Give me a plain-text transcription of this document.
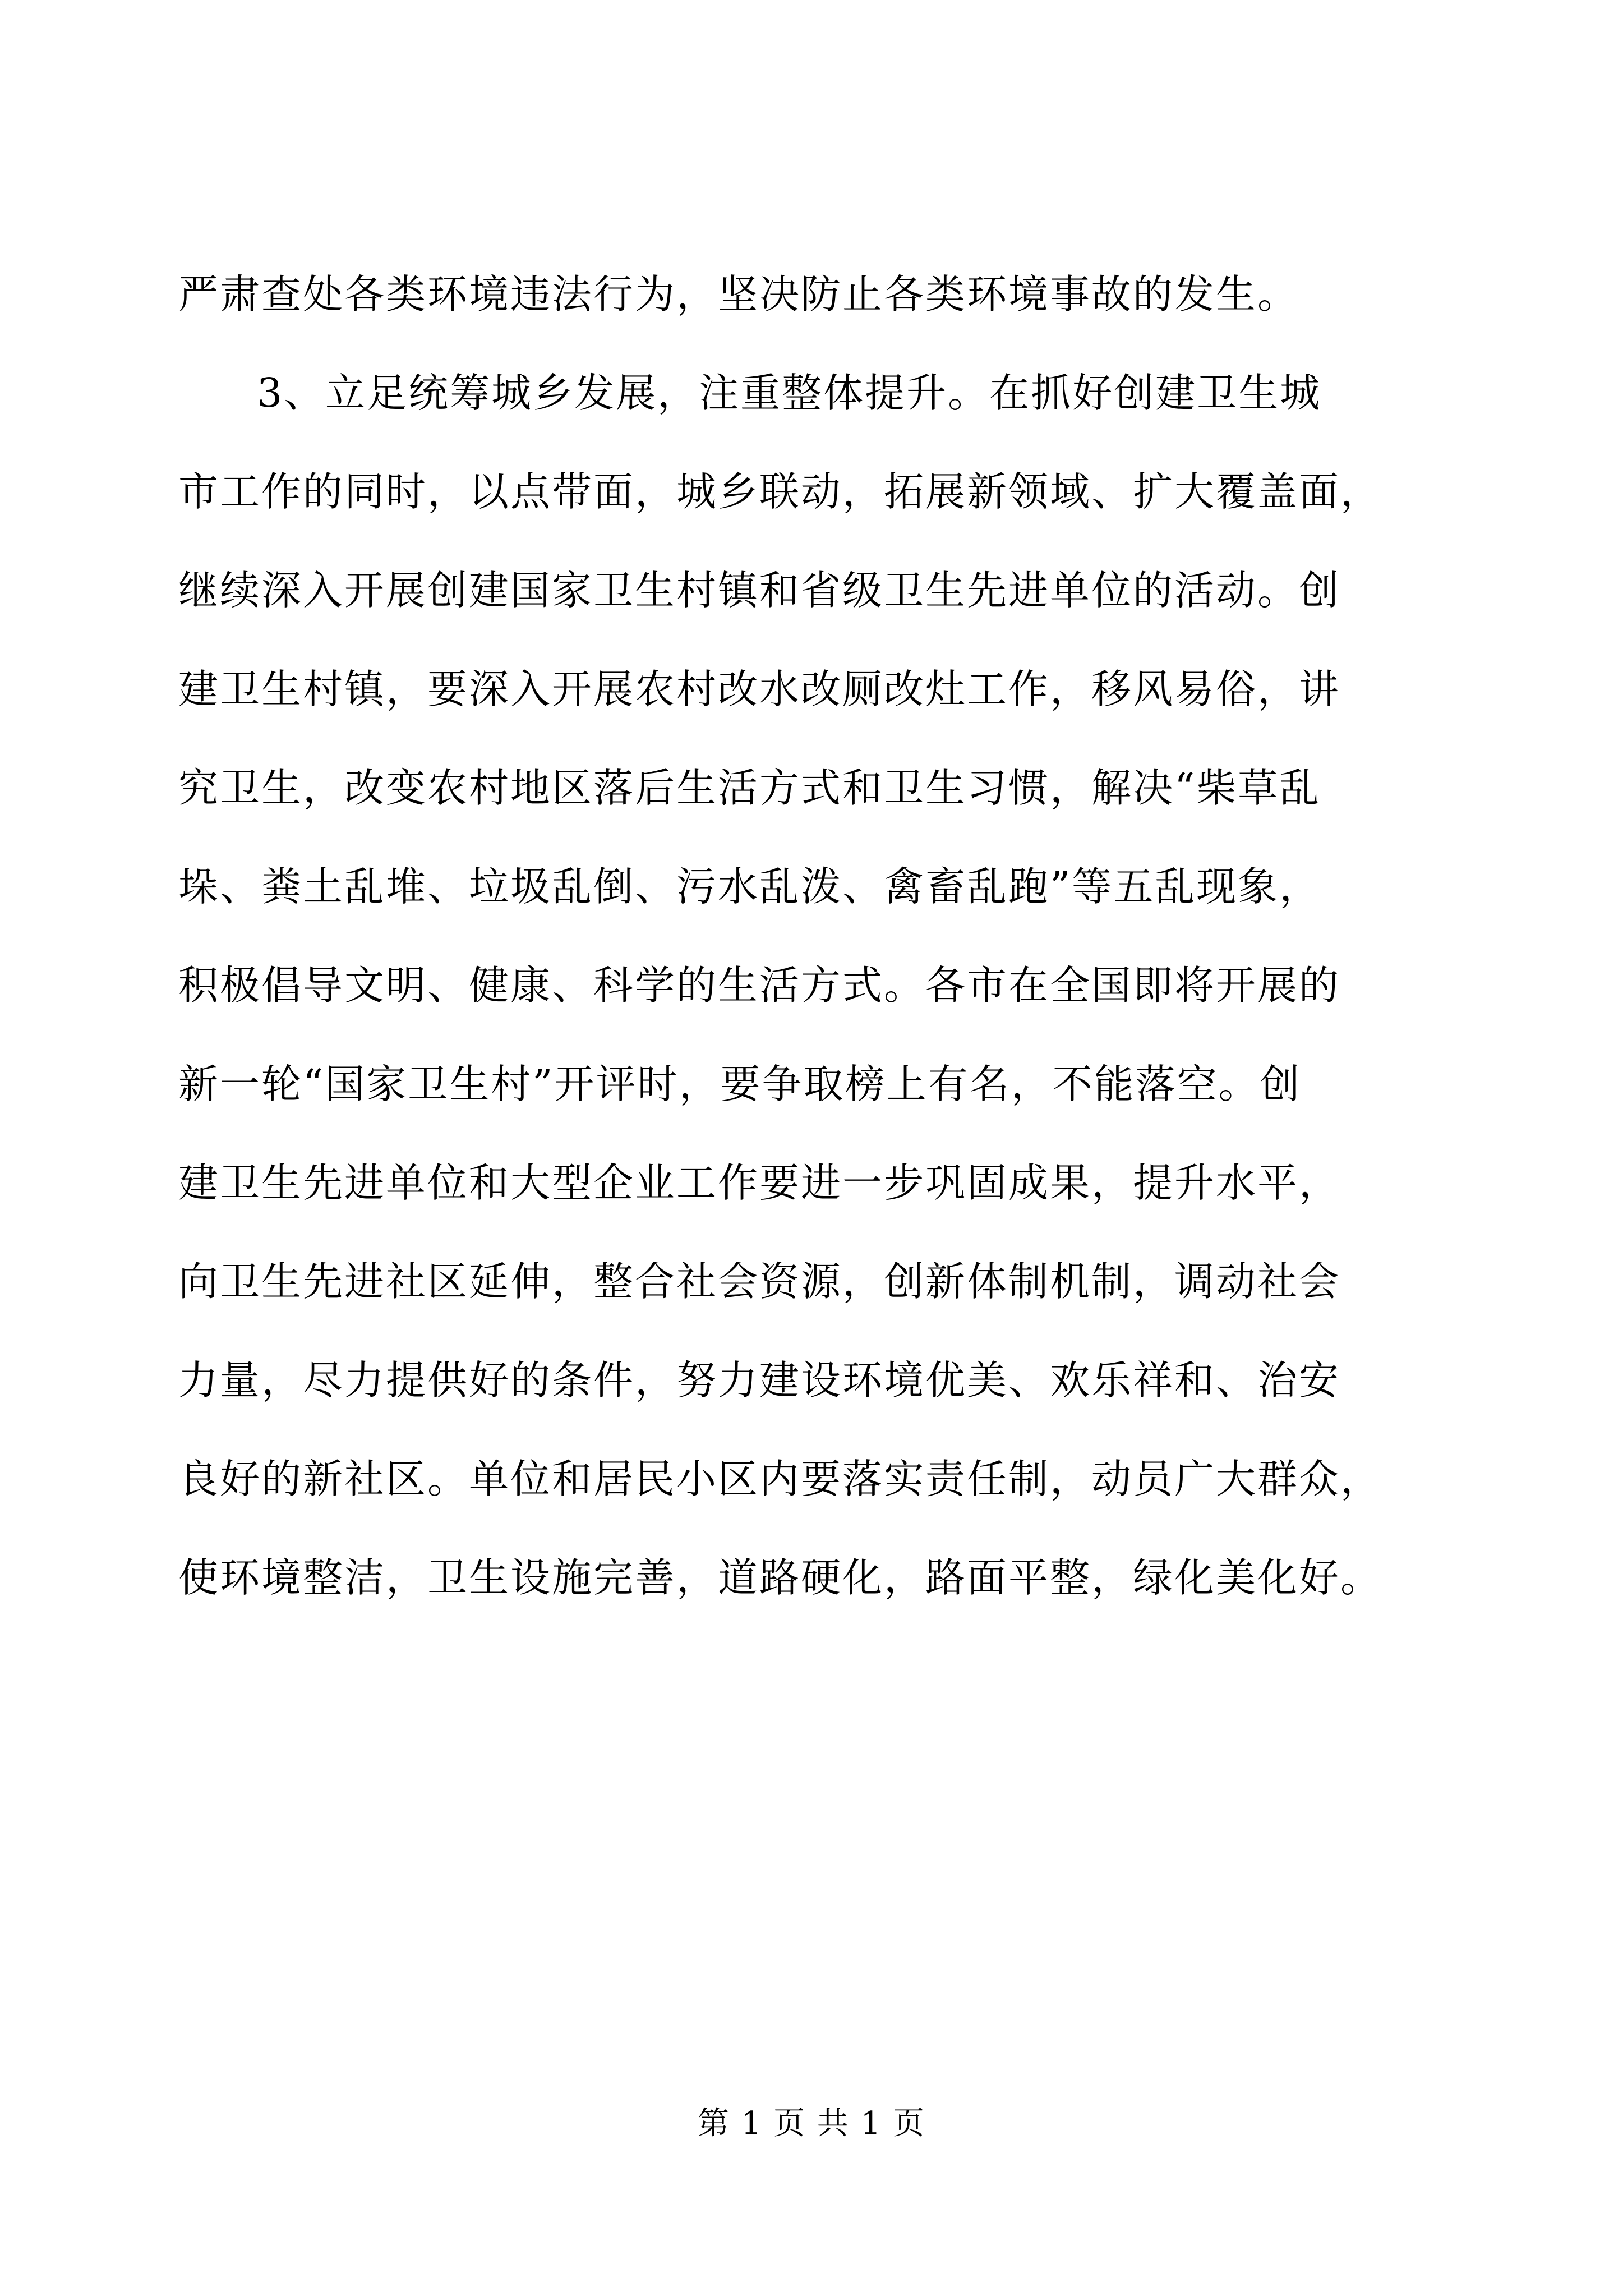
严肃查处各类环境违法行为，坚决防止各类环境事故的发生。
3、立足统筹城乡发展，注重整体提升。在抓好创建卫生城
市工作的同时，以点带面，城乡联动，拓展新领域、扩大覆盖面，
继续深入开展创建国家卫生村镇和省级卫生先进单位的活动。创
建卫生村镇，要深入开展农村改水改厕改灶工作，移风易俗，讲
究卫生，改变农村地区落后生活方式和卫生习惯，解决“柴草乱
垛、粪土乱堆、垃圾乱倒、污水乱泼、禽畜乱跑”等五乱现象，
积极倡导文明、健康、科学的生活方式。各市在全国即将开展的
新一轮“国家卫生村”开评时，要争取榜上有名，不能落空。创
建卫生先进单位和大型企业工作要进一步巩固成果，提升水平，
向卫生先进社区延伸，整合社会资源，创新体制机制，调动社会
力量，尽力提供好的条件，努力建设环境优美、欢乐祥和、治安
良好的新社区。单位和居民小区内要落实责任制，动员广大群众，
使环境整洁，卫生设施完善，道路硬化，路面平整，绿化美化好。
第 1 页 共 1 页
